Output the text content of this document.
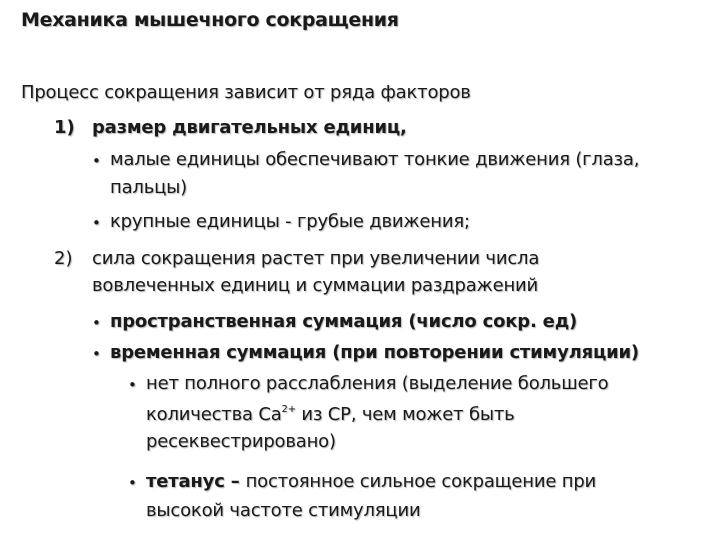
Механика мышечного сокращения
Процесс сокращения зависит от ряда факторов
1) размер двигательных единиц,
• малые единицы обеспечивают тонкие движения (глаза,
пальцы)
• крупные единицы - грубые движения;
2) сила сокращения растет при увеличении числа
вовлеченных единиц и суммации раздражений
• пространственная суммация (число сокр. ед)
• временная суммация (при повторении стимуляции)
• нет полного расслабления (выделение большего
количества $Са^{2+}$ из СР, чем может быть
ресеквестрировано)
• тетанус – постоянное сильное сокращение при
высокой частоте стимуляции
